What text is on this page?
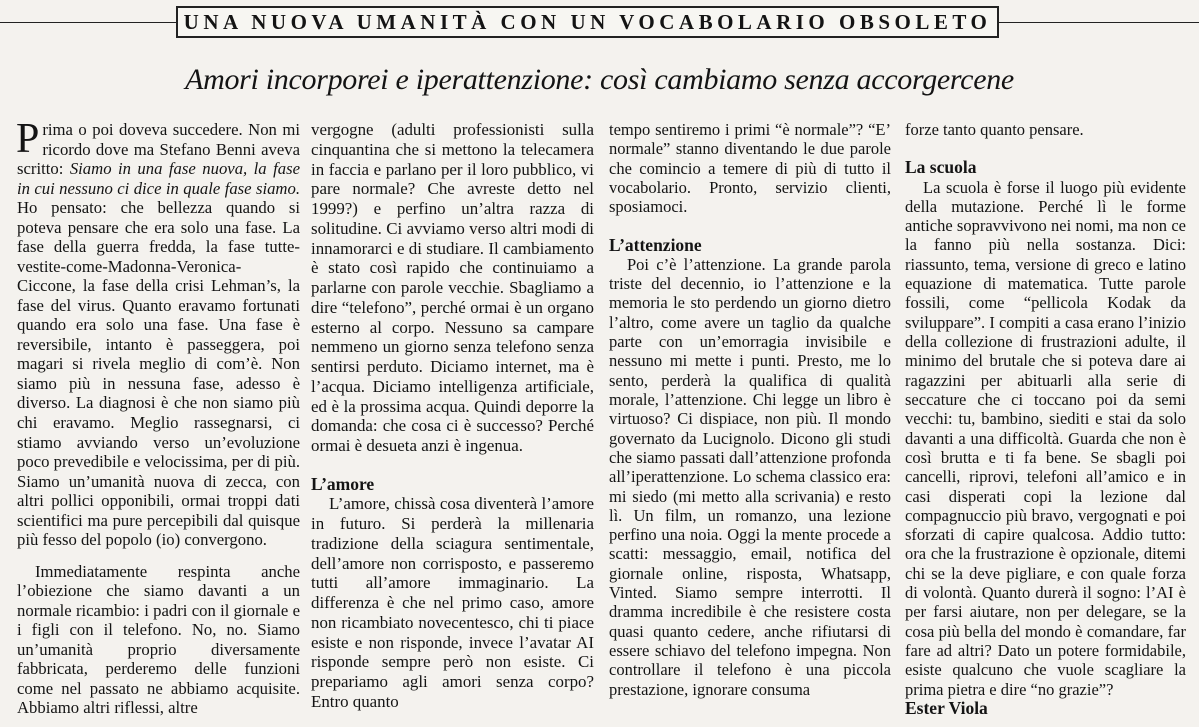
UNA NUOVA UMANITÀ CON UN VOCABOLARIO OBSOLETO
Amori incorporei e iperattenzione: così cambiamo senza accorgercene

Prima o poi doveva succedere. Non mi ricordo dove ma Stefano Benni aveva scritto: Siamo in una fase nuova, la fase in cui nessuno ci dice in quale fase siamo. Ho pensato: che bellezza quando si poteva pensare che era solo una fase. La fase della guerra fredda, la fase tutte-vestite-come-Madonna-Veronica-Ciccone, la fase della crisi Lehman’s, la fase del virus. Quanto eravamo fortunati quando era solo una fase. Una fase è reversibile, intanto è passeggera, poi magari si rivela meglio di com’è. Non siamo più in nessuna fase, adesso è diverso. La diagnosi è che non siamo più chi eravamo. Meglio rassegnarsi, ci stiamo avviando verso un’evoluzione poco prevedibile e velocissima, per di più. Siamo un’umanità nuova di zecca, con altri pollici opponibili, ormai troppi dati scientifici ma pure percepibili dal quisque più fesso del popolo (io) convergono.

Immediatamente respinta anche l’obiezione che siamo davanti a un normale ricambio: i padri con il giornale e i figli con il telefono. No, no. Siamo un’umanità proprio diversamente fabbricata, perderemo delle funzioni come nel passato ne abbiamo acquisite. Abbiamo altri riflessi, altre

vergogne (adulti professionisti sulla cinquantina che si mettono la telecamera in faccia e parlano per il loro pubblico, vi pare normale? Che avreste detto nel 1999?) e perfino un’altra razza di solitudine. Ci avviamo verso altri modi di innamorarci e di studiare. Il cambiamento è stato così rapido che continuiamo a parlarne con parole vecchie. Sbagliamo a dire “telefono”, perché ormai è un organo esterno al corpo. Nessuno sa campare nemmeno un giorno senza telefono senza sentirsi perduto. Diciamo internet, ma è l’acqua. Diciamo intelligenza artificiale, ed è la prossima acqua. Quindi deporre la domanda: che cosa ci è successo? Perché ormai è desueta anzi è ingenua.

L’amore

L’amore, chissà cosa diventerà l’amore in futuro. Si perderà la millenaria tradizione della sciagura sentimentale, dell’amore non corrisposto, e passeremo tutti all’amore immaginario. La differenza è che nel primo caso, amore non ricambiato novecentesco, chi ti piace esiste e non risponde, invece l’avatar AI risponde sempre però non esiste. Ci prepariamo agli amori senza corpo? Entro quanto

tempo sentiremo i primi “è normale”? “E’ normale” stanno diventando le due parole che comincio a temere di più di tutto il vocabolario. Pronto, servizio clienti, sposiamoci.

L’attenzione

Poi c’è l’attenzione. La grande parola triste del decennio, io l’attenzione e la memoria le sto perdendo un giorno dietro l’altro, come avere un taglio da qualche parte con un’emorragia invisibile e nessuno mi mette i punti. Presto, me lo sento, perderà la qualifica di qualità morale, l’attenzione. Chi legge un libro è virtuoso? Ci dispiace, non più. Il mondo governato da Lucignolo. Dicono gli studi che siamo passati dall’attenzione profonda all’iperattenzione. Lo schema classico era: mi siedo (mi metto alla scrivania) e resto lì. Un film, un romanzo, una lezione perfino una noia. Oggi la mente procede a scatti: messaggio, email, notifica del giornale online, risposta, Whatsapp, Vinted. Siamo sempre interrotti. Il dramma incredibile è che resistere costa quasi quanto cedere, anche rifiutarsi di essere schiavo del telefono impegna. Non controllare il telefono è una piccola prestazione, ignorare consuma

forze tanto quanto pensare.

La scuola

La scuola è forse il luogo più evidente della mutazione. Perché lì le forme antiche sopravvivono nei nomi, ma non ce la fanno più nella sostanza. Dici: riassunto, tema, versione di greco e latino equazione di matematica. Tutte parole fossili, come “pellicola Kodak da sviluppare”. I compiti a casa erano l’inizio della collezione di frustrazioni adulte, il minimo del brutale che si poteva dare ai ragazzini per abituarli alla serie di seccature che ci toccano poi da semi vecchi: tu, bambino, siediti e stai da solo davanti a una difficoltà. Guarda che non è così brutta e ti fa bene. Se sbagli poi cancelli, riprovi, telefoni all’amico e in casi disperati copi la lezione dal compagnuccio più bravo, vergognati e poi sforzati di capire qualcosa. Addio tutto: ora che la frustrazione è opzionale, ditemi chi se la deve pigliare, e con quale forza di volontà. Quanto durerà il sogno: l’AI è per farsi aiutare, non per delegare, se la cosa più bella del mondo è comandare, far fare ad altri? Dato un potere formidabile, esiste qualcuno che vuole scagliare la prima pietra e dire “no grazie”?

Ester Viola
